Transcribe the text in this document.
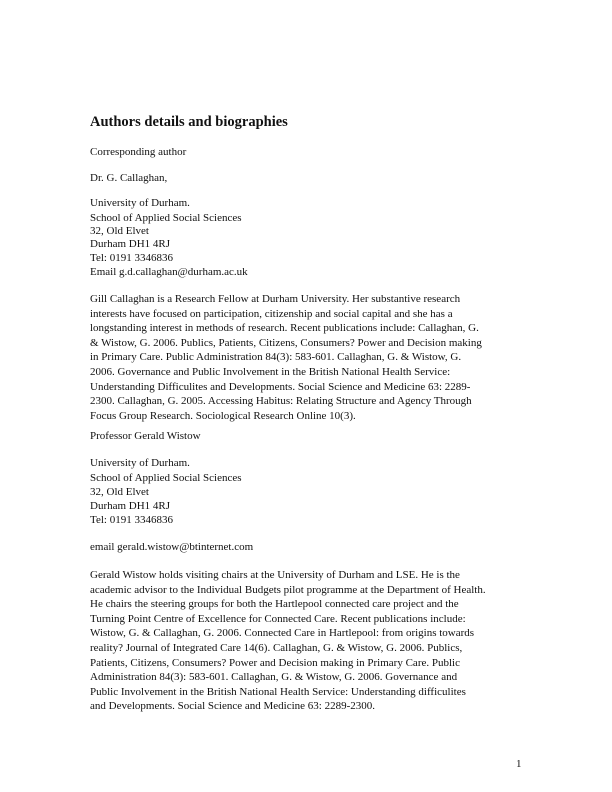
Authors details and biographies
Corresponding author
Dr. G. Callaghan,
University of Durham.
School of Applied Social Sciences
32, Old Elvet
Durham DH1 4RJ
Tel: 0191 3346836
Email g.d.callaghan@durham.ac.uk

Gill Callaghan is a Research Fellow at Durham University. Her substantive research
interests have focused on participation, citizenship and social capital and she has a
longstanding interest in methods of research. Recent publications include: Callaghan, G.
& Wistow, G. 2006. Publics, Patients, Citizens, Consumers? Power and Decision making
in Primary Care. Public Administration 84(3): 583-601. Callaghan, G. & Wistow, G.
2006. Governance and Public Involvement in the British National Health Service:
Understanding Difficulites and Developments. Social Science and Medicine 63: 2289-
2300. Callaghan, G. 2005. Accessing Habitus: Relating Structure and Agency Through
Focus Group Research. Sociological Research Online 10(3).

Professor Gerald Wistow
University of Durham.
School of Applied Social Sciences
32, Old Elvet
Durham DH1 4RJ
Tel: 0191 3346836
email gerald.wistow@btinternet.com

Gerald Wistow holds visiting chairs at the University of Durham and LSE. He is the
academic advisor to the Individual Budgets pilot programme at the Department of Health.
He chairs the steering groups for both the Hartlepool connected care project and the
Turning Point Centre of Excellence for Connected Care. Recent publications include:
Wistow, G. & Callaghan, G. 2006. Connected Care in Hartlepool: from origins towards
reality? Journal of Integrated Care 14(6). Callaghan, G. & Wistow, G. 2006. Publics,
Patients, Citizens, Consumers? Power and Decision making in Primary Care. Public
Administration 84(3): 583-601. Callaghan, G. & Wistow, G. 2006. Governance and
Public Involvement in the British National Health Service: Understanding difficulites
and Developments. Social Science and Medicine 63: 2289-2300.

1
